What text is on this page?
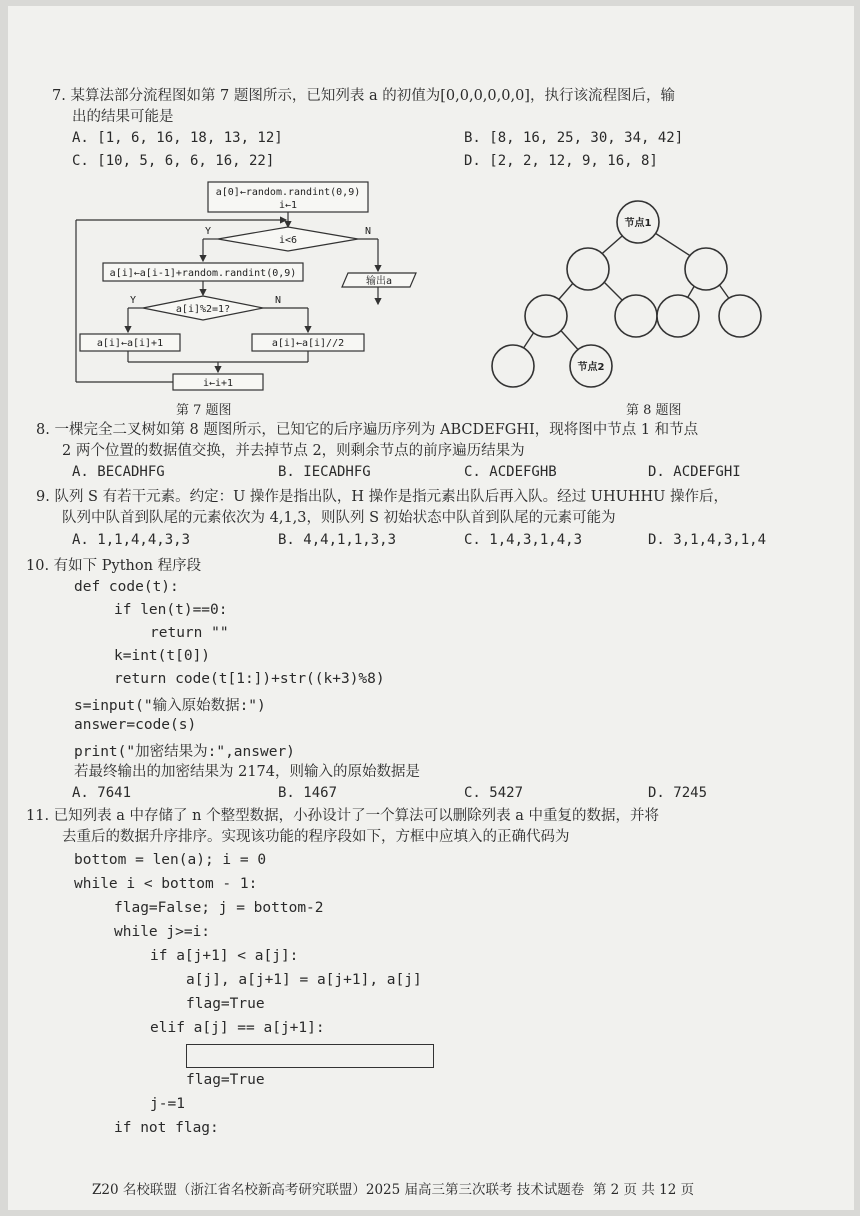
7. 某算法部分流程图如第 7 题图所示，已知列表 a 的初值为[0,0,0,0,0,0]，执行该流程图后，输
出的结果可能是
A. [1, 6, 16, 18, 13, 12]	B. [8, 16, 25, 30, 34, 42]
C. [10, 5, 6, 6, 16, 22]	D. [2, 2, 12, 9, 16, 8]
a[0]←random.randint(0,9)
i←1
i<6
Y	N
a[i]←a[i-1]+random.randint(0,9)
输出a
a[i]%2=1?
Y	N
a[i]←a[i]+1	a[i]←a[i]//2
i←i+1
第 7 题图
节点1
节点2
第 8 题图
8. 一棵完全二叉树如第 8 题图所示，已知它的后序遍历序列为 ABCDEFGHI，现将图中节点 1 和节点
2 两个位置的数据值交换，并去掉节点 2，则剩余节点的前序遍历结果为
A. BECADHFG	B. IECADHFG	C. ACDEFGHB	D. ACDEFGHI
9. 队列 S 有若干元素。约定：U 操作是指出队，H 操作是指元素出队后再入队。经过 UHUHHU 操作后，
队列中队首到队尾的元素依次为 4,1,3，则队列 S 初始状态中队首到队尾的元素可能为
A. 1,1,4,4,3,3	B. 4,4,1,1,3,3	C. 1,4,3,1,4,3	D. 3,1,4,3,1,4
10. 有如下 Python 程序段
def code(t):
if len(t)==0:
return ""
k=int(t[0])
return code(t[1:])+str((k+3)%8)
s=input("输入原始数据:")
answer=code(s)
print("加密结果为:",answer)
若最终输出的加密结果为 2174，则输入的原始数据是
A. 7641	B. 1467	C. 5427	D. 7245
11. 已知列表 a 中存储了 n 个整型数据，小孙设计了一个算法可以删除列表 a 中重复的数据，并将
去重后的数据升序排序。实现该功能的程序段如下，方框中应填入的正确代码为
bottom = len(a); i = 0
while i < bottom - 1:
flag=False; j = bottom-2
while j>=i:
if a[j+1] < a[j]:
a[j], a[j+1] = a[j+1], a[j]
flag=True
elif a[j] == a[j+1]:
flag=True
j-=1
if not flag:
Z20 名校联盟（浙江省名校新高考研究联盟）2025 届高三第三次联考 技术试题卷  第 2 页 共 12 页
